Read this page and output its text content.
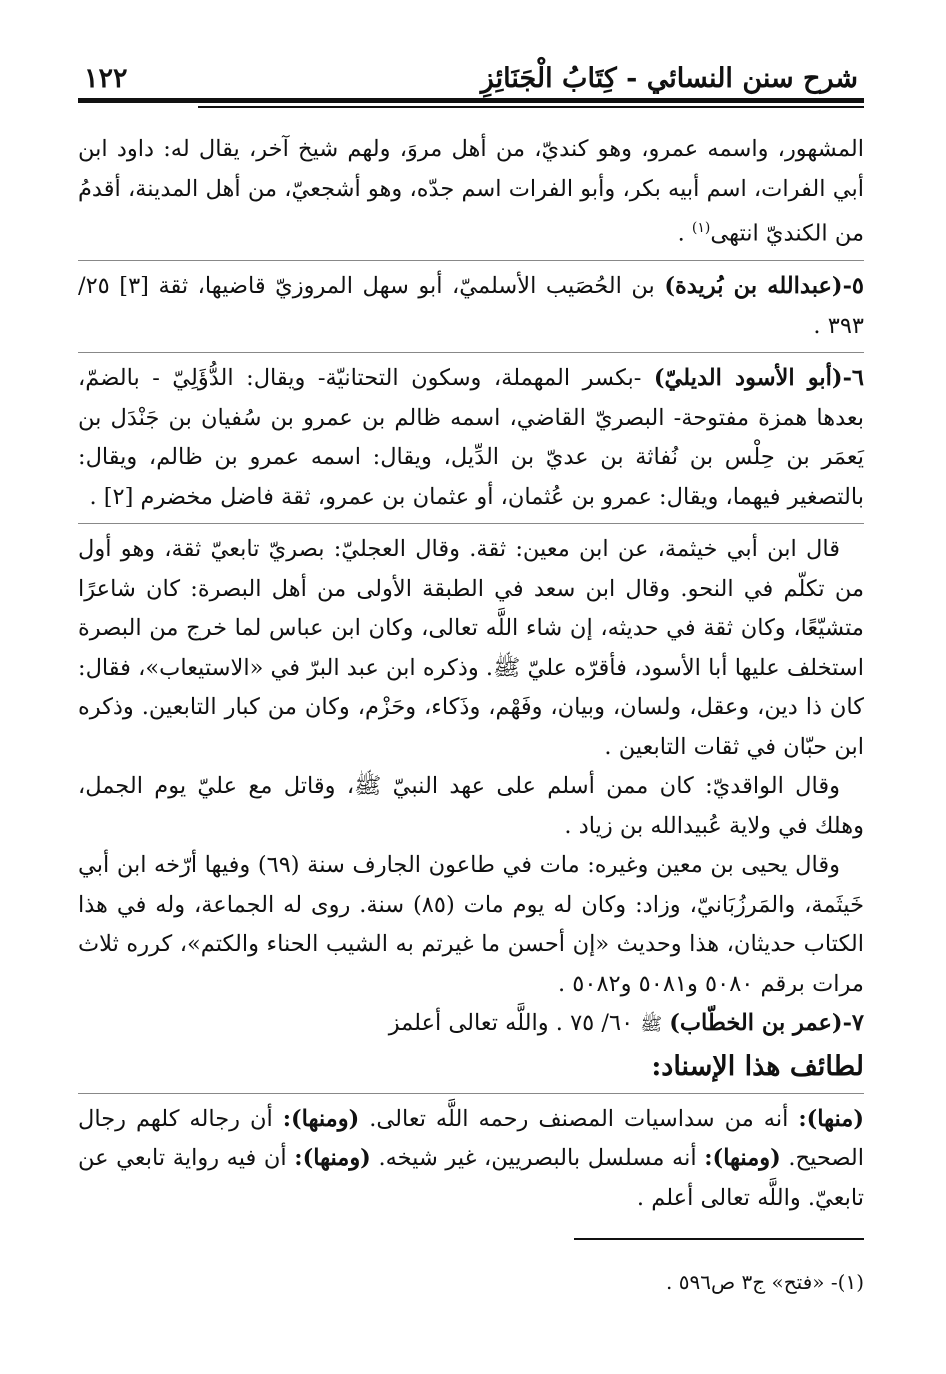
شرح سنن النسائي - كِتَابُ الْجَنَائِزِ
١٢٢

المشهور، واسمه عمرو، وهو كنديّ، من أهل مروَ، ولهم شيخ آخر، يقال له: داود ابن أبي الفرات، اسم أبيه بكر، وأبو الفرات اسم جدّه، وهو أشجعيّ، من أهل المدينة، أقدمُ من الكنديّ انتهى$^{(١)}$ .

٥-(عبدالله بن بُريدة) بن الحُصَيب الأسلميّ، أبو سهل المروزيّ قاضيها، ثقة [٣] ٢٥/ ٣٩٣ .

٦-(أبو الأسود الديليّ) -بكسر المهملة، وسكون التحتانيّة- ويقال: الدُّؤَلِيّ - بالضمّ، بعدها همزة مفتوحة- البصريّ القاضي، اسمه ظالم بن عمرو بن سُفيان بن جَنْدَل بن يَعمَر بن حِلْس بن نُفاثة بن عديّ بن الدِّيل، ويقال: اسمه عمرو بن ظالم، ويقال: بالتصغير فيهما، ويقال: عمرو بن عُثمان، أو عثمان بن عمرو، ثقة فاضل مخضرم [٢] .

قال ابن أبي خيثمة، عن ابن معين: ثقة. وقال العجليّ: بصريّ تابعيّ ثقة، وهو أول من تكلّم في النحو. وقال ابن سعد في الطبقة الأولى من أهل البصرة: كان شاعرًا متشيّعًا، وكان ثقة في حديثه، إن شاء اللَّه تعالى، وكان ابن عباس لما خرج من البصرة استخلف عليها أبا الأسود، فأقرّه عليّ ﷺ. وذكره ابن عبد البرّ في «الاستيعاب»، فقال: كان ذا دين، وعقل، ولسان، وبيان، وفَهْم، وذَكاء، وحَزْم، وكان من كبار التابعين. وذكره ابن حبّان في ثقات التابعين .

وقال الواقديّ: كان ممن أسلم على عهد النبيّ ﷺ، وقاتل مع عليّ يوم الجمل، وهلك في ولاية عُبيدالله بن زياد .

وقال يحيى بن معين وغيره: مات في طاعون الجارف سنة (٦٩) وفيها أرّخه ابن أبي خَيثَمة، والمَرزُبَانيّ، وزاد: وكان له يوم مات (٨٥) سنة. روى له الجماعة، وله في هذا الكتاب حديثان، هذا وحديث «إن أحسن ما غيرتم به الشيب الحناء والكتم»، كرره ثلاث مرات برقم ٥٠٨٠ و٥٠٨١ و٥٠٨٢ .

٧-(عمر بن الخطّاب) ﷺ ٦٠/ ٧٥ . واللَّه تعالى أعلمز

لطائف هذا الإسناد:

(منها): أنه من سداسيات المصنف رحمه اللَّه تعالى. (ومنها): أن رجاله كلهم رجال الصحيح. (ومنها): أنه مسلسل بالبصريين، غير شيخه. (ومنها): أن فيه رواية تابعي عن تابعيّ. واللَّه تعالى أعلم .

(١)- «فتح» ج٣ ص٥٩٦ .
